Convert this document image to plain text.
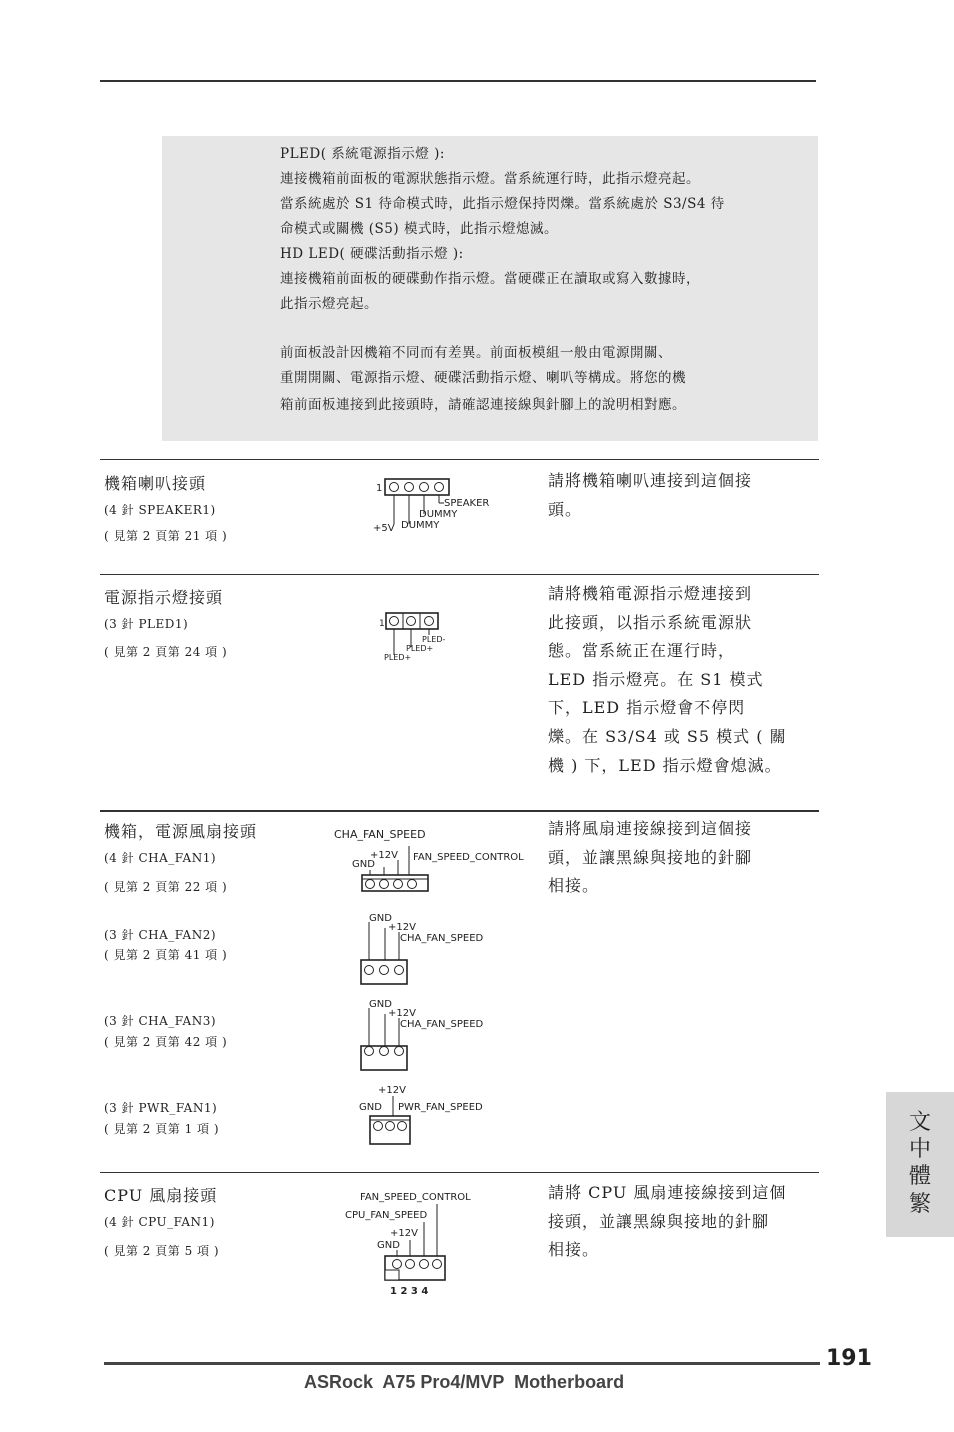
PLED( 系統電源指示燈 ):
連接機箱前面板的電源狀態指示燈。當系統運行時，此指示燈亮起。
當系統處於 S1 待命模式時，此指示燈保持閃爍。當系統處於 S3/S4 待
命模式或關機 (S5) 模式時，此指示燈熄滅。
HD LED( 硬碟活動指示燈 ):
連接機箱前面板的硬碟動作指示燈。當硬碟正在讀取或寫入數據時，
此指示燈亮起。
前面板設計因機箱不同而有差異。前面板模組一般由電源開關、
重開開關、電源指示燈、硬碟活動指示燈、喇叭等構成。將您的機
箱前面板連接到此接頭時，請確認連接線與針腳上的說明相對應。
機箱喇叭接頭
(4 針 SPEAKER1)
( 見第 2 頁第 21 項 )
1
SPEAKER
DUMMY
DUMMY
+5V
請將機箱喇叭連接到這個接
頭。
電源指示燈接頭
(3 針 PLED1)
( 見第 2 頁第 24 項 )
1
PLED-
PLED+
PLED+
請將機箱電源指示燈連接到
此接頭，以指示系統電源狀
態。當系統正在運行時，
LED 指示燈亮。在 S1 模式
下，LED 指示燈會不停閃
爍。在 S3/S4 或 S5 模式 ( 關
機 ) 下，LED 指示燈會熄滅。
機箱，電源風扇接頭
(4 針 CHA_FAN1)
( 見第 2 頁第 22 項 )
(3 針 CHA_FAN2)
( 見第 2 頁第 41 項 )
(3 針 CHA_FAN3)
( 見第 2 頁第 42 項 )
(3 針 PWR_FAN1)
( 見第 2 頁第 1 項 )
CHA_FAN_SPEED
+12V
GND
FAN_SPEED_CONTROL
GND
+12V
CHA_FAN_SPEED
GND
+12V
CHA_FAN_SPEED
+12V
GND PWR_FAN_SPEED
請將風扇連接線接到這個接
頭，並讓黑線與接地的針腳
相接。
CPU 風扇接頭
(4 針 CPU_FAN1)
( 見第 2 頁第 5 項 )
FAN_SPEED_CONTROL
CPU_FAN_SPEED
+12V
GND
1 2 3 4
請將 CPU 風扇連接線接到這個
接頭，並讓黑線與接地的針腳
相接。
繁
體
中
文
191
ASRock  A75 Pro4/MVP  Motherboard
